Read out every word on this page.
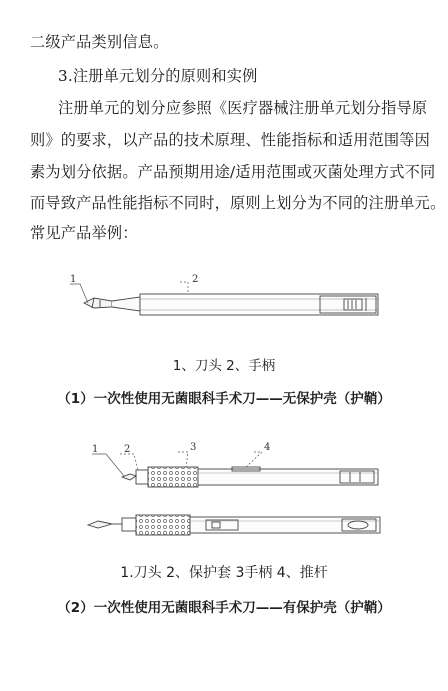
二级产品类别信息。
3.注册单元划分的原则和实例
注册单元的划分应参照《医疗器械注册单元划分指导原
则》的要求，以产品的技术原理、性能指标和适用范围等因
素为划分依据。产品预期用途/适用范围或灭菌处理方式不同
而导致产品性能指标不同时，原则上划分为不同的注册单元。
常见产品举例：
1	2
1、刀头 2、手柄
（1）一次性使用无菌眼科手术刀——无保护壳（护鞘）
1	2	3	4
1.刀头 2、保护套 3手柄 4、推杆
（2）一次性使用无菌眼科手术刀——有保护壳（护鞘）
